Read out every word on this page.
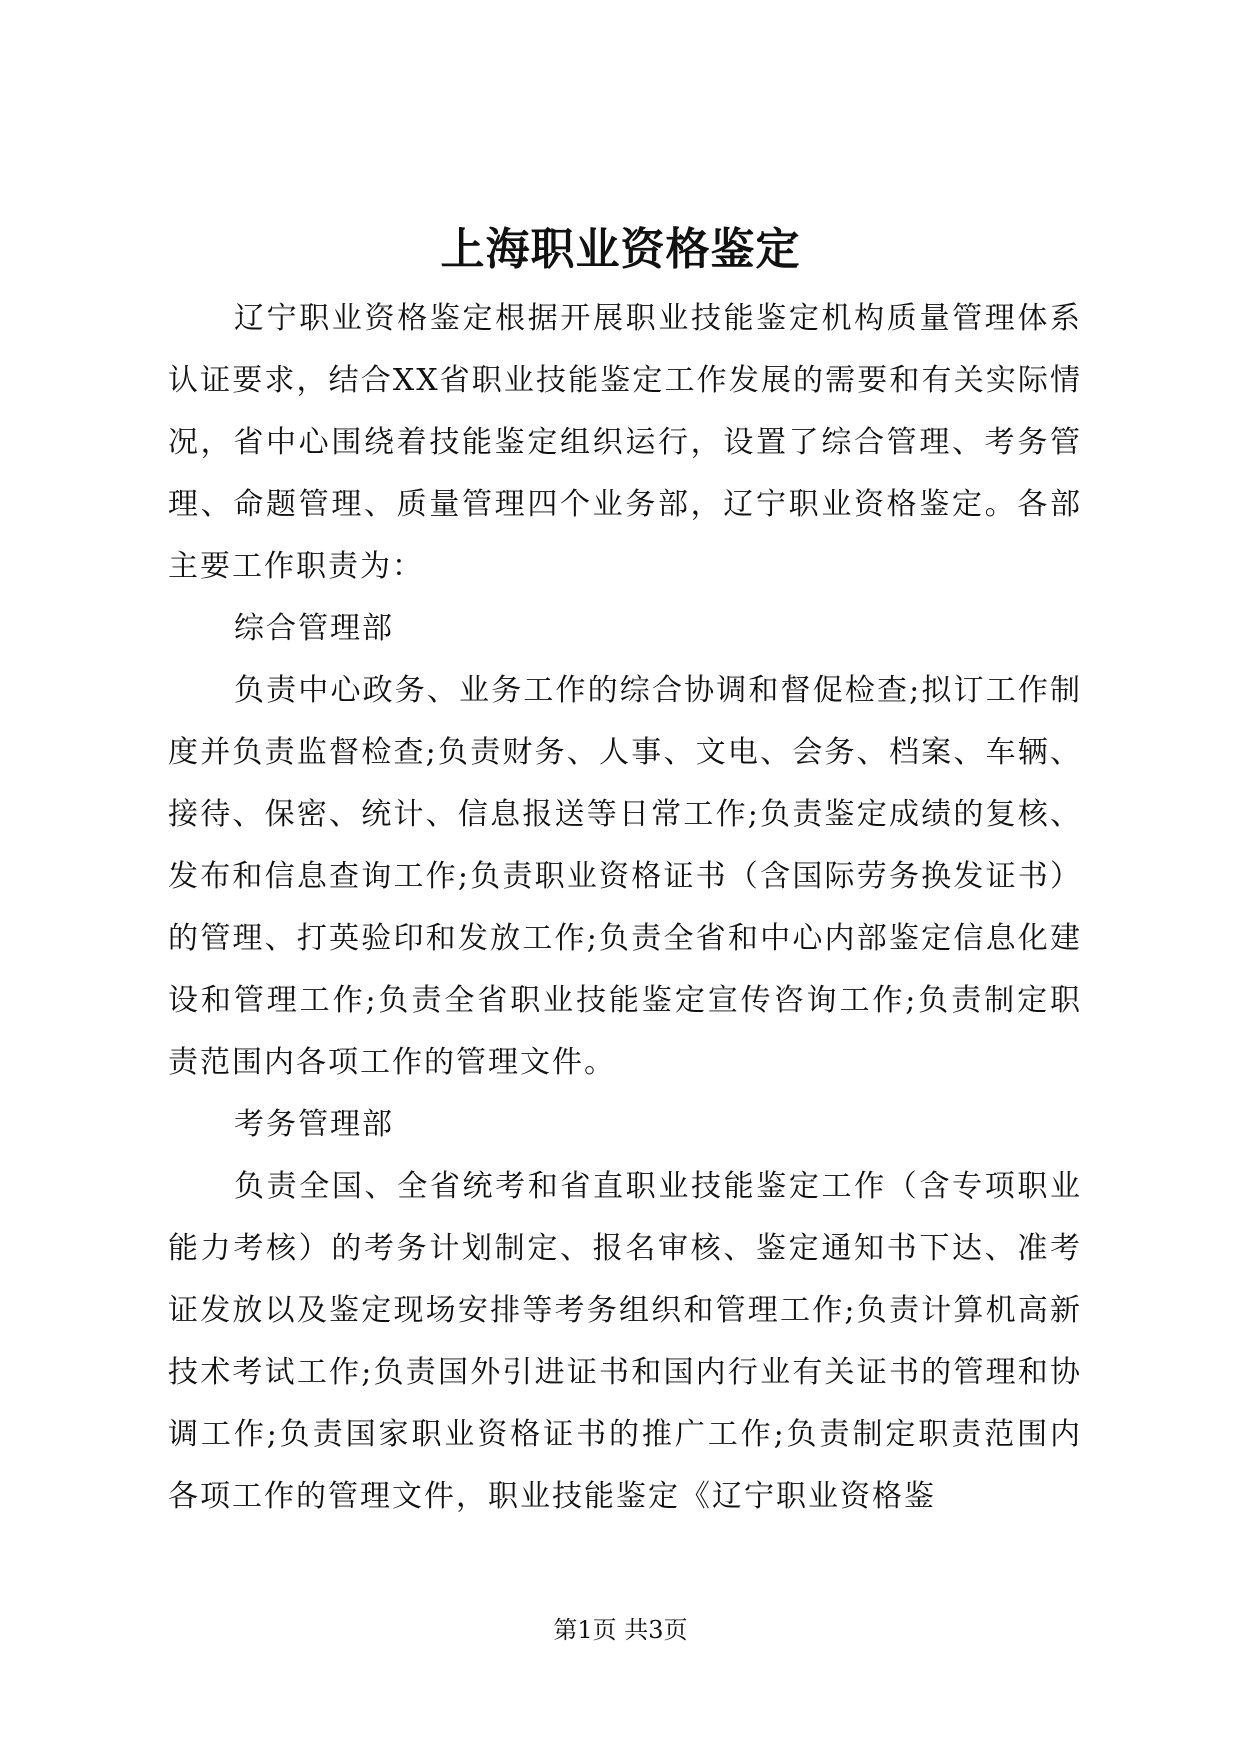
上海职业资格鉴定

辽宁职业资格鉴定根据开展职业技能鉴定机构质量管理体系认证要求，结合XX省职业技能鉴定工作发展的需要和有关实际情况，省中心围绕着技能鉴定组织运行，设置了综合管理、考务管理、命题管理、质量管理四个业务部，辽宁职业资格鉴定。各部主要工作职责为：

综合管理部

负责中心政务、业务工作的综合协调和督促检查;拟订工作制度并负责监督检查;负责财务、人事、文电、会务、档案、车辆、接待、保密、统计、信息报送等日常工作;负责鉴定成绩的复核、发布和信息查询工作;负责职业资格证书（含国际劳务换发证书）的管理、打英验印和发放工作;负责全省和中心内部鉴定信息化建设和管理工作;负责全省职业技能鉴定宣传咨询工作;负责制定职责范围内各项工作的管理文件。

考务管理部

负责全国、全省统考和省直职业技能鉴定工作（含专项职业能力考核）的考务计划制定、报名审核、鉴定通知书下达、准考证发放以及鉴定现场安排等考务组织和管理工作;负责计算机高新技术考试工作;负责国外引进证书和国内行业有关证书的管理和协调工作;负责国家职业资格证书的推广工作;负责制定职责范围内各项工作的管理文件，职业技能鉴定《辽宁职业资格鉴

第1页 共3页
